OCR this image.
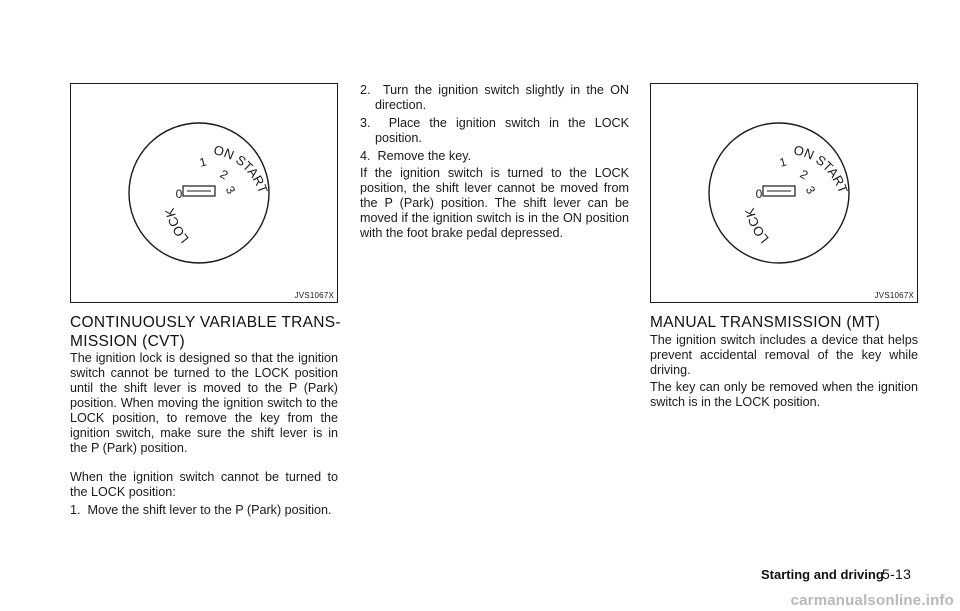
LOCK
0
1
2
3
ON START
JVS1067X
CONTINUOUSLY VARIABLE TRANS-
MISSION (CVT)

The ignition lock is designed so that the ignition switch cannot be turned to the LOCK position until the shift lever is moved to the P (Park) position. When moving the ignition switch to the LOCK position, to remove the key from the ignition switch, make sure the shift lever is in the P (Park) position.

When the ignition switch cannot be turned to the LOCK position:

1.  Move the shift lever to the P (Park) position.

2.  Turn the ignition switch slightly in the ON direction.

3.  Place the ignition switch in the LOCK position.

4.  Remove the key.

If the ignition switch is turned to the LOCK position, the shift lever cannot be moved from the P (Park) position. The shift lever can be moved if the ignition switch is in the ON position with the foot brake pedal depressed.	LOCK
0
1
2
3
ON START
JVS1067X
MANUAL TRANSMISSION (MT)

The ignition switch includes a device that helps prevent accidental removal of the key while driving.

The key can only be removed when the ignition switch is in the LOCK position.

Starting and driving
5-13
carmanualsonline.info
